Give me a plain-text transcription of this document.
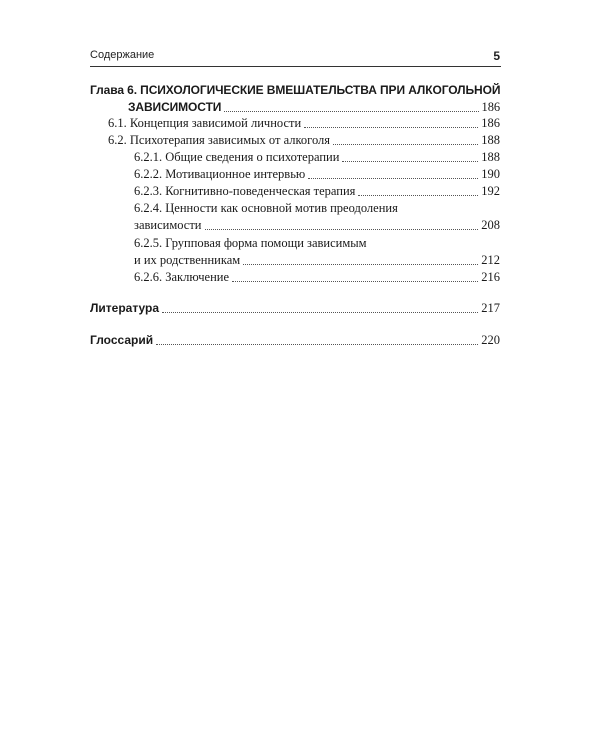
Содержание	5
Глава 6. ПСИХОЛОГИЧЕСКИЕ ВМЕШАТЕЛЬСТВА ПРИ АЛКОГОЛЬНОЙ
ЗАВИСИМОСТИ	186
6.1. Концепция зависимой личности	186
6.2. Психотерапия зависимых от алкоголя	188
6.2.1. Общие сведения о психотерапии	188
6.2.2. Мотивационное интервью	190
6.2.3. Когнитивно-поведенческая терапия	192
6.2.4. Ценности как основной мотив преодоления
зависимости	208
6.2.5. Групповая форма помощи зависимым
и их родственникам	212
6.2.6. Заключение	216
Литература	217
Глоссарий	220
